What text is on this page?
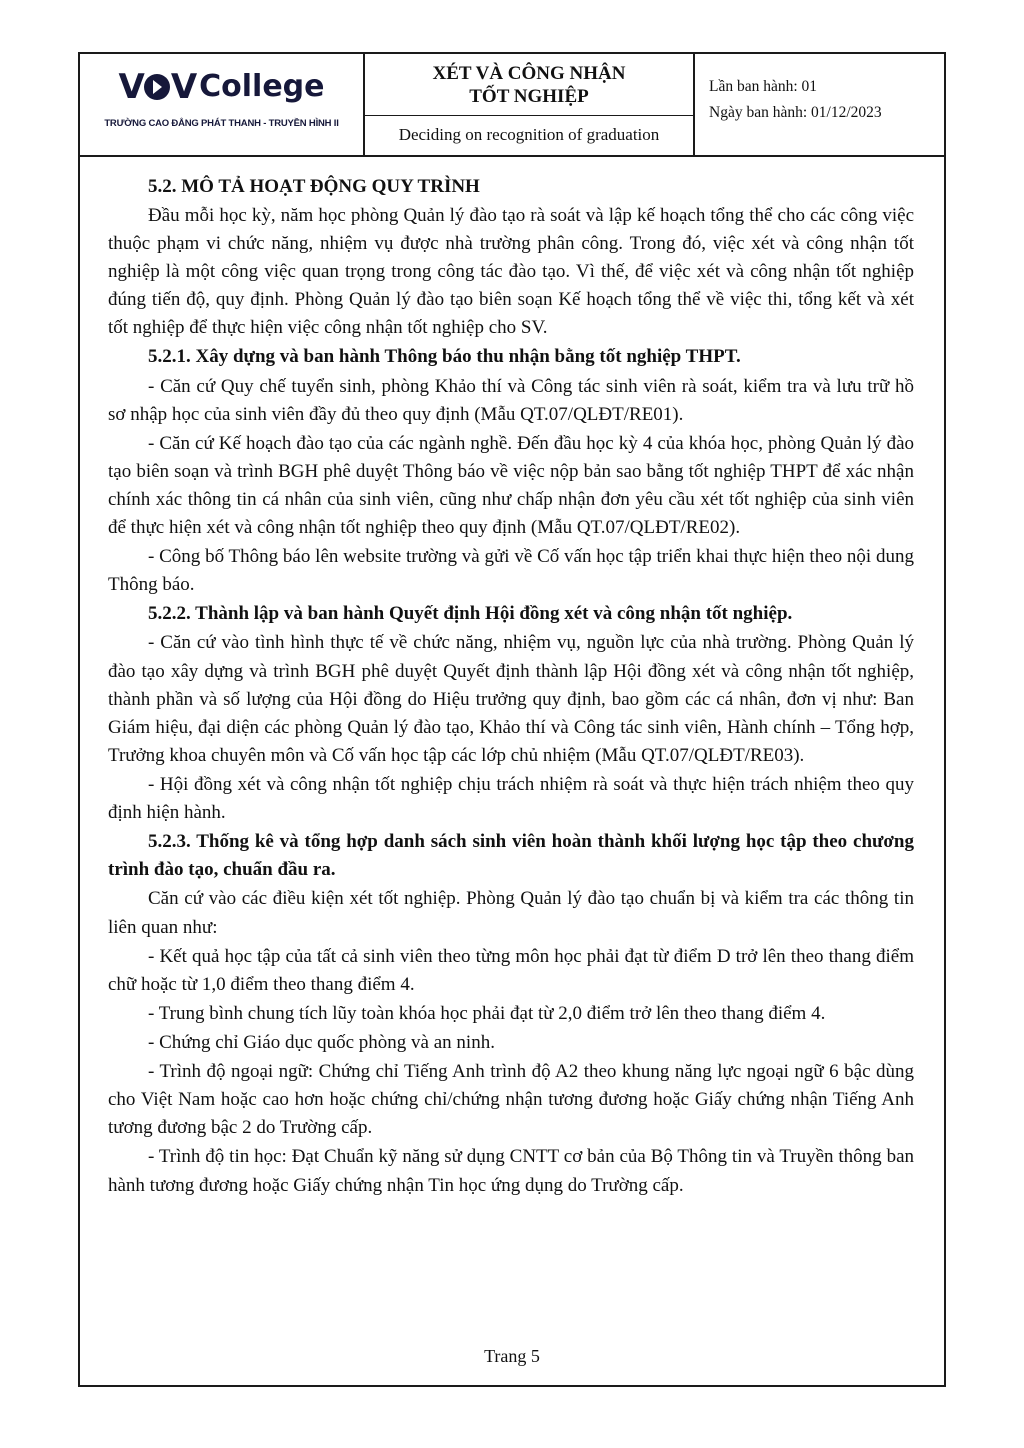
V V College
TRƯỜNG CAO ĐẲNG PHÁT THANH - TRUYỀN HÌNH II
XÉT VÀ CÔNG NHẬN
TỐT NGHIỆP
Deciding on recognition of graduation
Lần ban hành: 01
Ngày ban hành: 01/12/2023

5.2. MÔ TẢ HOẠT ĐỘNG QUY TRÌNH

Đầu mỗi học kỳ, năm học phòng Quản lý đào tạo rà soát và lập kế hoạch tổng thể cho các công việc thuộc phạm vi chức năng, nhiệm vụ được nhà trường phân công. Trong đó, việc xét và công nhận tốt nghiệp là một công việc quan trọng trong công tác đào tạo. Vì thế, để việc xét và công nhận tốt nghiệp đúng tiến độ, quy định. Phòng Quản lý đào tạo biên soạn Kế hoạch tổng thể về việc thi, tổng kết và xét tốt nghiệp để thực hiện việc công nhận tốt nghiệp cho SV.

5.2.1. Xây dựng và ban hành Thông báo thu nhận bằng tốt nghiệp THPT.

- Căn cứ Quy chế tuyển sinh, phòng Khảo thí và Công tác sinh viên rà soát, kiểm tra và lưu trữ hồ sơ nhập học của sinh viên đầy đủ theo quy định (Mẫu QT.07/QLĐT/RE01).

- Căn cứ Kế hoạch đào tạo của các ngành nghề. Đến đầu học kỳ 4 của khóa học, phòng Quản lý đào tạo biên soạn và trình BGH phê duyệt Thông báo về việc nộp bản sao bằng tốt nghiệp THPT để xác nhận chính xác thông tin cá nhân của sinh viên, cũng như chấp nhận đơn yêu cầu xét tốt nghiệp của sinh viên để thực hiện xét và công nhận tốt nghiệp theo quy định (Mẫu QT.07/QLĐT/RE02).

- Công bố Thông báo lên website trường và gửi về Cố vấn học tập triển khai thực hiện theo nội dung Thông báo.

5.2.2. Thành lập và ban hành Quyết định Hội đồng xét và công nhận tốt nghiệp.

- Căn cứ vào tình hình thực tế về chức năng, nhiệm vụ, nguồn lực của nhà trường. Phòng Quản lý đào tạo xây dựng và trình BGH phê duyệt Quyết định thành lập Hội đồng xét và công nhận tốt nghiệp, thành phần và số lượng của Hội đồng do Hiệu trưởng quy định, bao gồm các cá nhân, đơn vị như: Ban Giám hiệu, đại diện các phòng Quản lý đào tạo, Khảo thí và Công tác sinh viên, Hành chính – Tổng hợp, Trưởng khoa chuyên môn và Cố vấn học tập các lớp chủ nhiệm (Mẫu QT.07/QLĐT/RE03).

- Hội đồng xét và công nhận tốt nghiệp chịu trách nhiệm rà soát và thực hiện trách nhiệm theo quy định hiện hành.

5.2.3. Thống kê và tổng hợp danh sách sinh viên hoàn thành khối lượng học tập theo chương trình đào tạo, chuẩn đầu ra.

Căn cứ vào các điều kiện xét tốt nghiệp. Phòng Quản lý đào tạo chuẩn bị và kiểm tra các thông tin liên quan như:

- Kết quả học tập của tất cả sinh viên theo từng môn học phải đạt từ điểm D trở lên theo thang điểm chữ hoặc từ 1,0 điểm theo thang điểm 4.

- Trung bình chung tích lũy toàn khóa học phải đạt từ 2,0 điểm trở lên theo thang điểm 4.

- Chứng chỉ Giáo dục quốc phòng và an ninh.

- Trình độ ngoại ngữ: Chứng chỉ Tiếng Anh trình độ A2 theo khung năng lực ngoại ngữ 6 bậc dùng cho Việt Nam hoặc cao hơn hoặc chứng chỉ/chứng nhận tương đương hoặc Giấy chứng nhận Tiếng Anh tương đương bậc 2 do Trường cấp.

- Trình độ tin học: Đạt Chuẩn kỹ năng sử dụng CNTT cơ bản của Bộ Thông tin và Truyền thông ban hành tương đương hoặc Giấy chứng nhận Tin học ứng dụng do Trường cấp.

Trang 5
